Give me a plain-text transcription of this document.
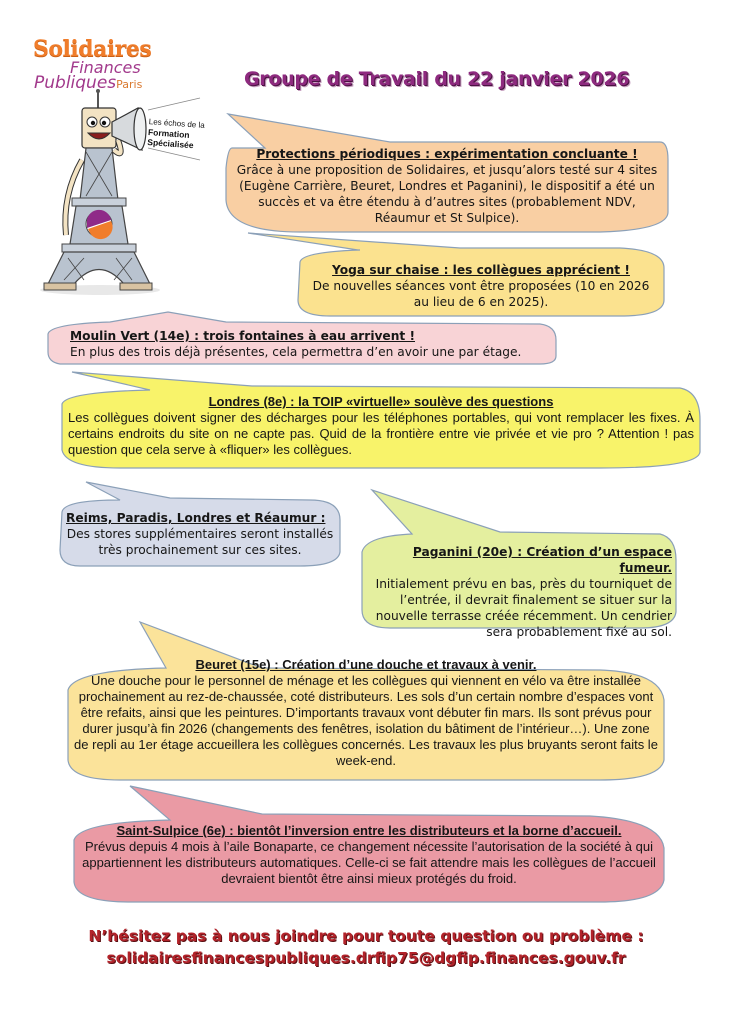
Solidaires
Finances
PubliquesParis
Les échos de la
Formation
Spécialisée
Groupe de Travail du 22 janvier 2026
Protections périodiques : expérimentation concluante !
Grâce à une proposition de Solidaires, et jusqu’alors testé sur 4 sites (Eugène Carrière, Beuret, Londres et Paganini), le dispositif a été un succès et va être étendu à d’autres sites (probablement NDV, Réaumur et St Sulpice).
Yoga sur chaise : les collègues apprécient !
De nouvelles séances vont être proposées (10 en 2026 au lieu de 6 en 2025).
Moulin Vert (14e) : trois fontaines à eau arrivent !
En plus des trois déjà présentes, cela permettra d’en avoir une par étage.
Londres (8e) : la TOIP «virtuelle» soulève des questions
Les collègues doivent signer des décharges pour les téléphones portables, qui vont remplacer les fixes. À certains endroits du site on ne capte pas. Quid de la frontière entre vie privée et vie pro ? Attention ! pas question que cela serve à «fliquer» les collègues.
Reims, Paradis, Londres et Réaumur :
Des stores supplémentaires seront installés très prochainement sur ces sites.	Paganini (20e) : Création d’un espace fumeur.
Initialement prévu en bas, près du tourniquet de l’entrée, il devrait finalement se situer sur la nouvelle terrasse créée récemment. Un cendrier sera probablement fixé au sol.
Beuret (15e) : Création d’une douche et travaux à venir.
Une douche pour le personnel de ménage et les collègues qui viennent en vélo va être installée prochainement au rez-de-chaussée, coté distributeurs. Les sols d’un certain nombre d’espaces vont être refaits, ainsi que les peintures. D’importants travaux vont débuter fin mars. Ils sont prévus pour durer jusqu’à fin 2026 (changements des fenêtres, isolation du bâtiment de l’intérieur…). Une zone de repli au 1er étage accueillera les collègues concernés. Les travaux les plus bruyants seront faits le week-end.
Saint-Sulpice (6e) : bientôt l’inversion entre les distributeurs et la borne d’accueil.
Prévus depuis 4 mois à l’aile Bonaparte, ce changement nécessite l’autorisation de la société à qui appartiennent les distributeurs automatiques. Celle-ci se fait attendre mais les collègues de l’accueil devraient bientôt être ainsi mieux protégés du froid.
N’hésitez pas à nous joindre pour toute question ou problème :
solidairesfinancespubliques.drfip75@dgfip.finances.gouv.fr
